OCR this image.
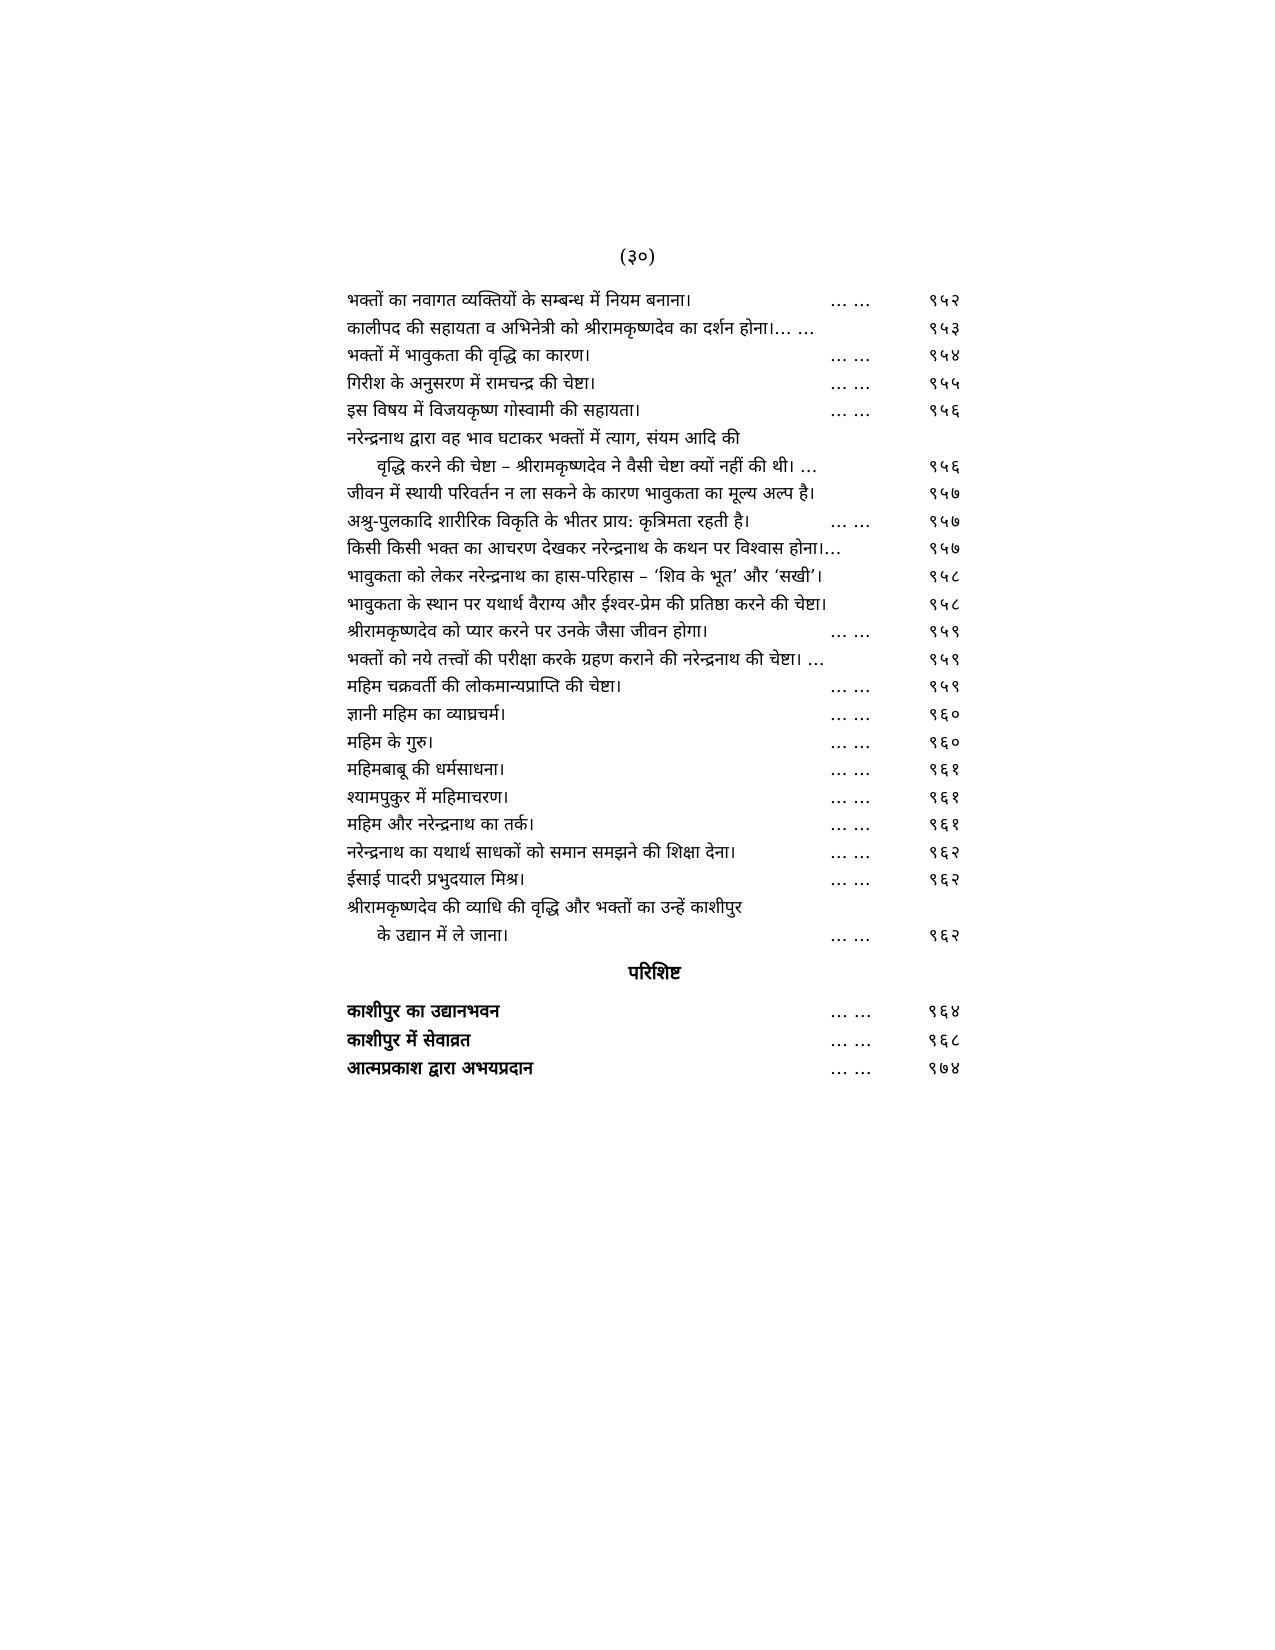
(३०)
भक्तों का नवागत व्यक्तियों के सम्बन्ध में नियम बनाना।	… …	९५२
कालीपद की सहायता व अभिनेत्री को श्रीरामकृष्णदेव का दर्शन होना।… …	९५३
भक्तों में भावुकता की वृद्धि का कारण।	… …	९५४
गिरीश के अनुसरण में रामचन्द्र की चेष्टा।	… …	९५५
इस विषय में विजयकृष्ण गोस्वामी की सहायता।	… …	९५६
नरेन्द्रनाथ द्वारा वह भाव घटाकर भक्तों में त्याग, संयम आदि की
वृद्धि करने की चेष्टा – श्रीरामकृष्णदेव ने वैसी चेष्टा क्यों नहीं की थी। …	९५६
जीवन में स्थायी परिवर्तन न ला सकने के कारण भावुकता का मूल्य अल्प है।	९५७
अश्रु-पुलकादि शारीरिक विकृति के भीतर प्राय: कृत्रिमता रहती है।	… …	९५७
किसी किसी भक्त का आचरण देखकर नरेन्द्रनाथ के कथन पर विश्वास होना।…	९५७
भावुकता को लेकर नरेन्द्रनाथ का हास-परिहास – ‘शिव के भूत’ और ‘सखी’।	९५८
भावुकता के स्थान पर यथार्थ वैराग्य और ईश्वर-प्रेम की प्रतिष्ठा करने की चेष्टा।	९५८
श्रीरामकृष्णदेव को प्यार करने पर उनके जैसा जीवन होगा।	… …	९५९
भक्तों को नये तत्त्वों की परीक्षा करके ग्रहण कराने की नरेन्द्रनाथ की चेष्टा। …	९५९
महिम चक्रवर्ती की लोकमान्यप्राप्ति की चेष्टा।	… …	९५९
ज्ञानी महिम का व्याघ्रचर्म।	… …	९६०
महिम के गुरु।	… …	९६०
महिमबाबू की धर्मसाधना।	… …	९६१
श्यामपुकुर में महिमाचरण।	… …	९६१
महिम और नरेन्द्रनाथ का तर्क।	… …	९६१
नरेन्द्रनाथ का यथार्थ साधकों को समान समझने की शिक्षा देना।	… …	९६२
ईसाई पादरी प्रभुदयाल मिश्र।	… …	९६२
श्रीरामकृष्णदेव की व्याधि की वृद्धि और भक्तों का उन्हें काशीपुर
के उद्यान में ले जाना।	… …	९६२
परिशिष्ट
काशीपुर का उद्यानभवन	… …	९६४
काशीपुर में सेवाव्रत	… …	९६८
आत्मप्रकाश द्वारा अभयप्रदान	… …	९७४
